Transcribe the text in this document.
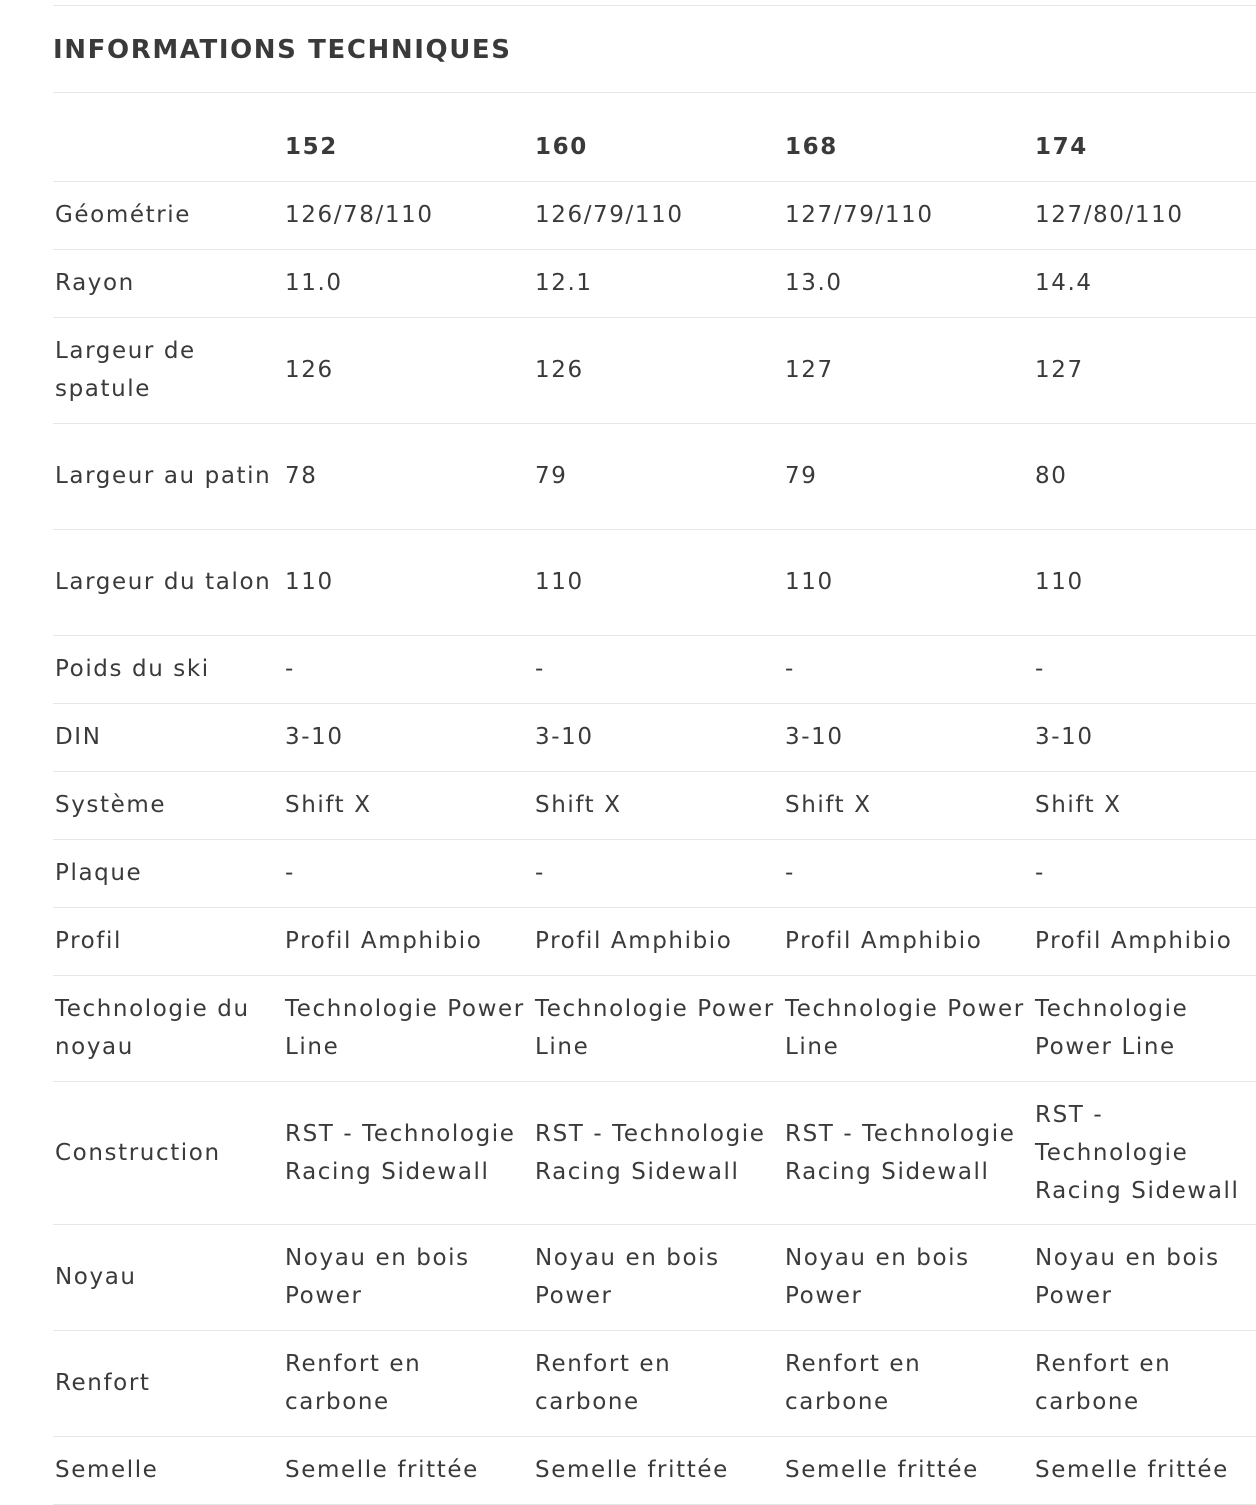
INFORMATIONS TECHNIQUES
	152	160	168	174
Géométrie	126/78/110	126/79/110	127/79/110	127/80/110
Rayon	11.0	12.1	13.0	14.4
Largeur de spatule	126	126	127	127
Largeur au patin	78	79	79	80
Largeur du talon	110	110	110	110
Poids du ski	-	-	-	-
DIN	3-10	3-10	3-10	3-10
Système	Shift X	Shift X	Shift X	Shift X
Plaque	-	-	-	-
Profil	Profil Amphibio	Profil Amphibio	Profil Amphibio	Profil Amphibio
Technologie du noyau	Technologie Power Line	Technologie Power Line	Technologie Power Line	Technologie Power Line
Construction	RST - Technologie Racing Sidewall	RST - Technologie Racing Sidewall	RST - Technologie Racing Sidewall	RST - Technologie Racing Sidewall
Noyau	Noyau en bois Power	Noyau en bois Power	Noyau en bois Power	Noyau en bois Power
Renfort	Renfort en carbone	Renfort en carbone	Renfort en carbone	Renfort en carbone
Semelle	Semelle frittée	Semelle frittée	Semelle frittée	Semelle frittée
